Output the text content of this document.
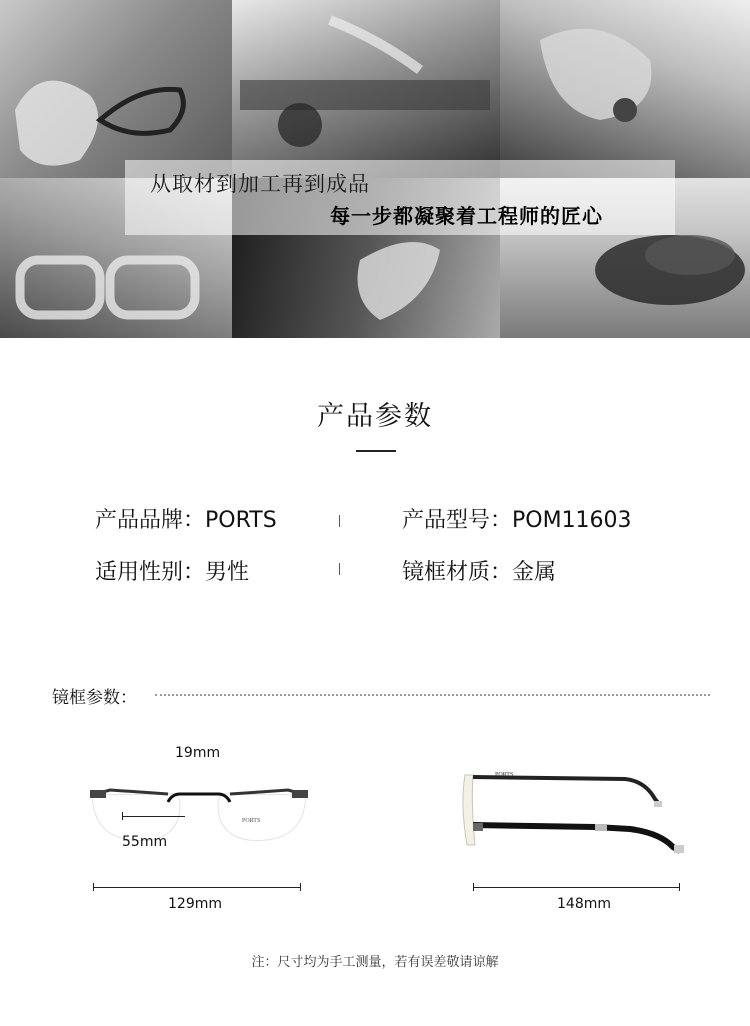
从取材到加工再到成品
每一步都凝聚着工程师的匠心
产品参数
产品品牌：PORTS	产品型号：POM11603
适用性别：男性	镜框材质：金属
镜框参数：
PORTS
19mm
55mm
129mm
PORTS
148mm
注：尺寸均为手工测量，若有误差敬请谅解
